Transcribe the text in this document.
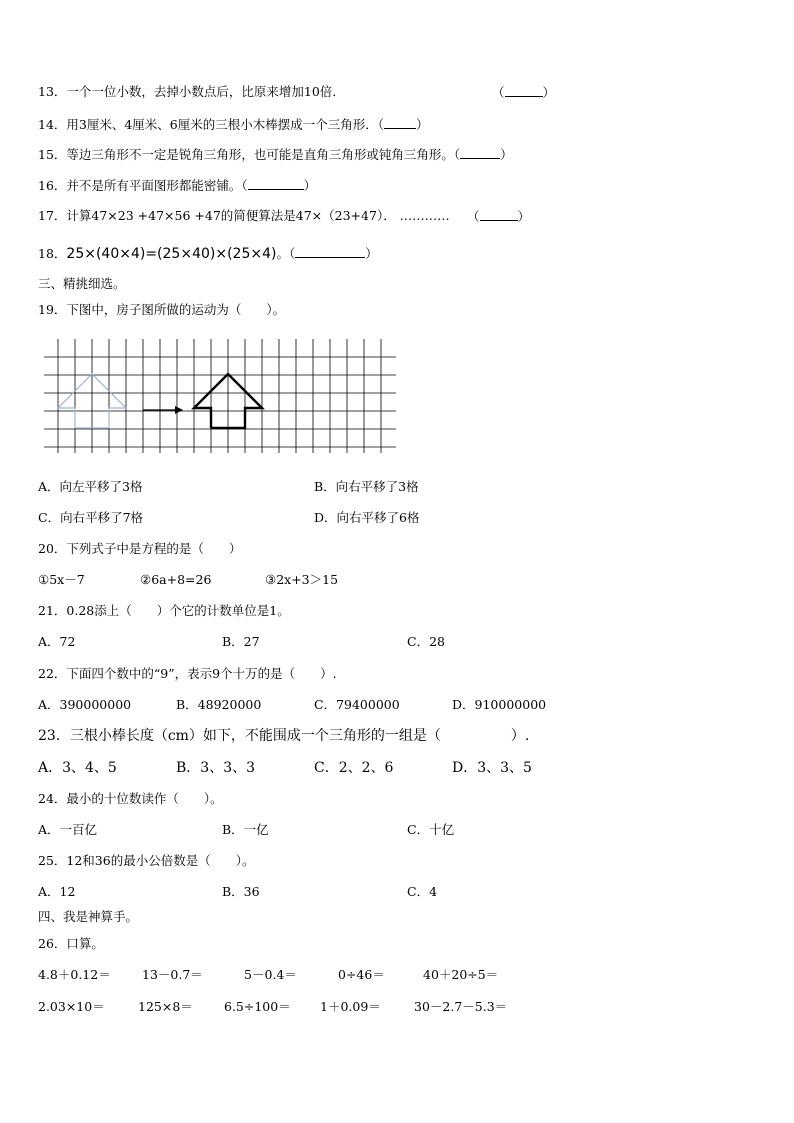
13．一个一位小数，去掉小数点后，比原来增加10倍．	（	）
14．用3厘米、4厘米、6厘米的三根小木棒摆成一个三角形．（	）
15．等边三角形不一定是锐角三角形，也可能是直角三角形或钝角三角形。（	）
16．并不是所有平面图形都能密铺。（	）
17．计算47×23 +47×56 +47的简便算法是47×（23+47）． ………… （	）
18．25×(40×4)=(25×40)×(25×4)。（	）
三、精挑细选。
19．下图中，房子图所做的运动为（　　）。
A．向左平移了3格	B．向右平移了3格
C．向右平移了7格	D．向右平移了6格
20．下列式子中是方程的是（　　）
①5x－7	②6a+8=26	③2x+3＞15
21．0.28添上（　　）个它的计数单位是1。
A．72	B．27	C．28
22．下面四个数中的“9”，表示9个十万的是（　　）.
A．390000000	B．48920000	C．79400000	D．910000000
23．三根小棒长度（cm）如下，不能围成一个三角形的一组是（　　　　　）.
A．3、4、5	B．3、3、3	C．2、2、6	D．3、3、5
24．最小的十位数读作（　　）。
A．一百亿	B．一亿	C．十亿
25．12和36的最小公倍数是（　　）。
A．12	B．36	C．4
四、我是神算手。
26．口算。
4.8＋0.12＝	13－0.7＝	5－0.4＝	0÷46＝	40＋20÷5＝
2.03×10＝	125×8＝ 6.5÷100＝ 1＋0.09＝	30－2.7－5.3＝
